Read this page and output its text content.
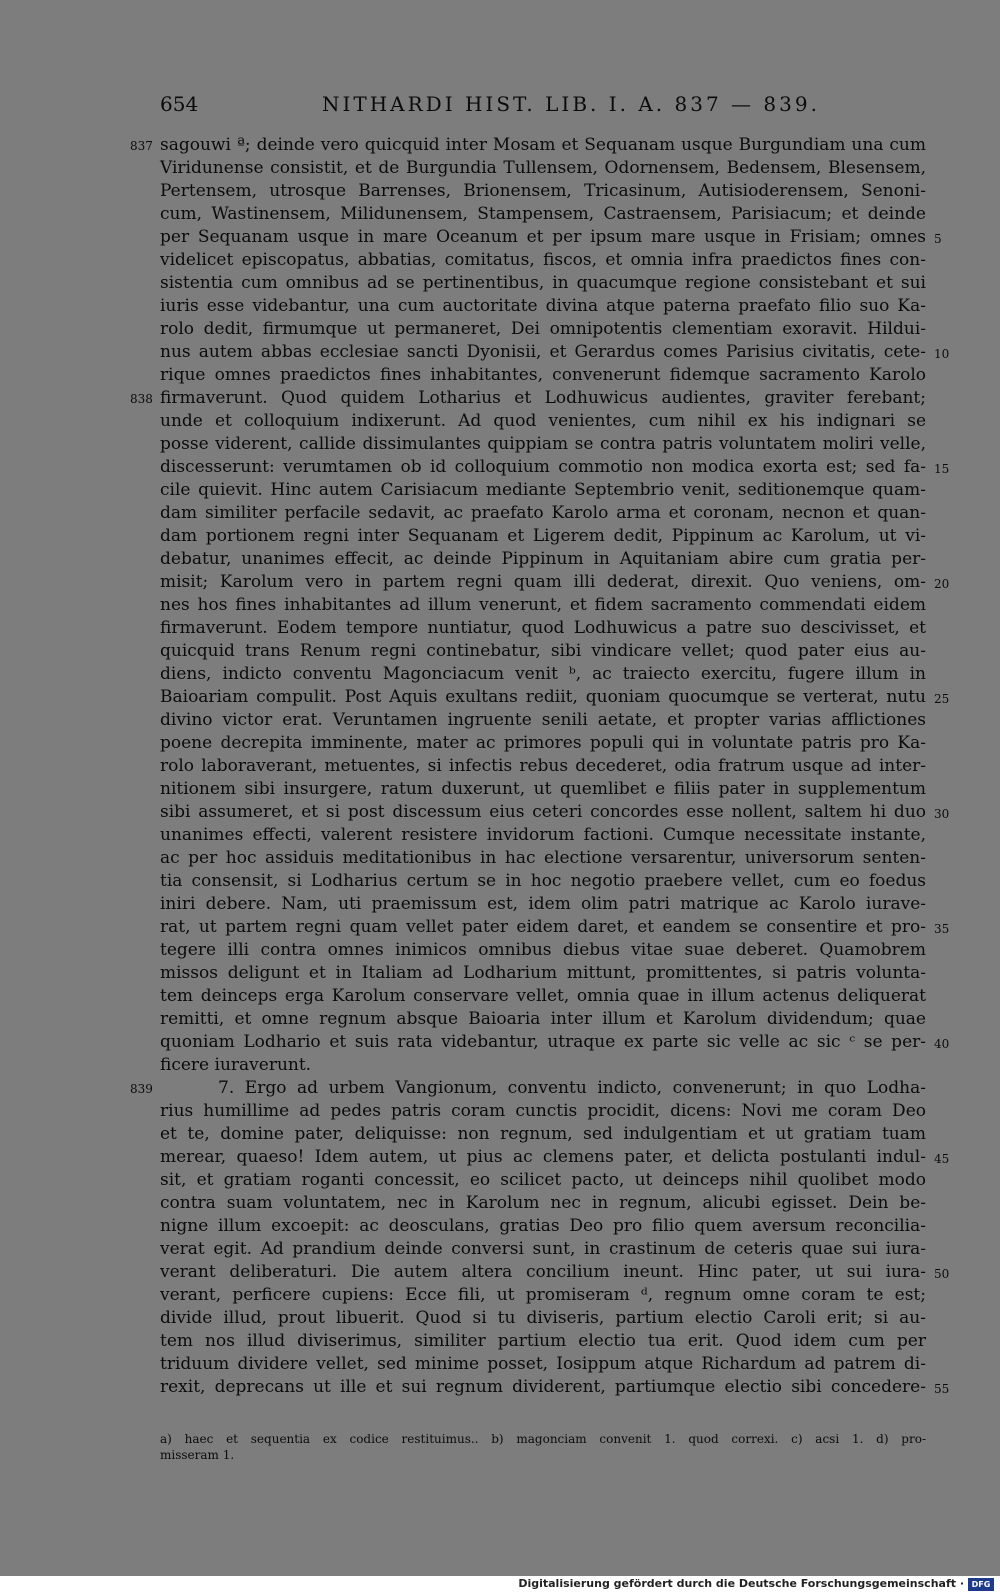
654	NITHARDI HIST. LIB. I. A. 837 — 839.
837 sagouwi ª; deinde vero quicquid inter Mosam et Sequanam usque Burgundiam una cum
Viridunense consistit, et de Burgundia Tullensem, Odornensem, Bedensem, Blesensem,
Pertensem, utrosque Barrenses, Brionensem, Tricasinum, Autisioderensem, Senoni-
cum, Wastinensem, Milidunensem, Stampensem, Castraensem, Parisiacum; et deinde
per Sequanam usque in mare Oceanum et per ipsum mare usque in Frisiam; omnes 5
videlicet episcopatus, abbatias, comitatus, fiscos, et omnia infra praedictos fines con-
sistentia cum omnibus ad se pertinentibus, in quacumque regione consistebant et sui
iuris esse videbantur, una cum auctoritate divina atque paterna praefato filio suo Ka-
rolo dedit, firmumque ut permaneret, Dei omnipotentis clementiam exoravit. Hildui-
nus autem abbas ecclesiae sancti Dyonisii, et Gerardus comes Parisius civitatis, cete- 10
rique omnes praedictos fines inhabitantes, convenerunt fidemque sacramento Karolo
838 firmaverunt. Quod quidem Lotharius et Lodhuwicus audientes, graviter ferebant;
unde et colloquium indixerunt. Ad quod venientes, cum nihil ex his indignari se
posse viderent, callide dissimulantes quippiam se contra patris voluntatem moliri velle,
discesserunt: verumtamen ob id colloquium commotio non modica exorta est; sed fa- 15
cile quievit. Hinc autem Carisiacum mediante Septembrio venit, seditionemque quam-
dam similiter perfacile sedavit, ac praefato Karolo arma et coronam, necnon et quan-
dam portionem regni inter Sequanam et Ligerem dedit, Pippinum ac Karolum, ut vi-
debatur, unanimes effecit, ac deinde Pippinum in Aquitaniam abire cum gratia per-
misit; Karolum vero in partem regni quam illi dederat, direxit. Quo veniens, om- 20
nes hos fines inhabitantes ad illum venerunt, et fidem sacramento commendati eidem
firmaverunt. Eodem tempore nuntiatur, quod Lodhuwicus a patre suo descivisset, et
quicquid trans Renum regni continebatur, sibi vindicare vellet; quod pater eius au-
diens, indicto conventu Magonciacum venit ᵇ, ac traiecto exercitu, fugere illum in
Baioariam compulit. Post Aquis exultans rediit, quoniam quocumque se verterat, nutu 25
divino victor erat. Veruntamen ingruente senili aetate, et propter varias afflictiones
poene decrepita imminente, mater ac primores populi qui in voluntate patris pro Ka-
rolo laboraverant, metuentes, si infectis rebus decederet, odia fratrum usque ad inter-
nitionem sibi insurgere, ratum duxerunt, ut quemlibet e filiis pater in supplementum
sibi assumeret, et si post discessum eius ceteri concordes esse nollent, saltem hi duo 30
unanimes effecti, valerent resistere invidorum factioni. Cumque necessitate instante,
ac per hoc assiduis meditationibus in hac electione versarentur, universorum senten-
tia consensit, si Lodharius certum se in hoc negotio praebere vellet, cum eo foedus
iniri debere. Nam, uti praemissum est, idem olim patri matrique ac Karolo iurave-
rat, ut partem regni quam vellet pater eidem daret, et eandem se consentire et pro- 35
tegere illi contra omnes inimicos omnibus diebus vitae suae deberet. Quamobrem
missos deligunt et in Italiam ad Lodharium mittunt, promittentes, si patris volunta-
tem deinceps erga Karolum conservare vellet, omnia quae in illum actenus deliquerat
remitti, et omne regnum absque Baioaria inter illum et Karolum dividendum; quae
quoniam Lodhario et suis rata videbantur, utraque ex parte sic velle ac sic ᶜ se per- 40
ficere iuraverunt.
839	7. Ergo ad urbem Vangionum, conventu indicto, convenerunt; in quo Lodha-
rius humillime ad pedes patris coram cunctis procidit, dicens: Novi me coram Deo
et te, domine pater, deliquisse: non regnum, sed indulgentiam et ut gratiam tuam
merear, quaeso! Idem autem, ut pius ac clemens pater, et delicta postulanti indul- 45
sit, et gratiam roganti concessit, eo scilicet pacto, ut deinceps nihil quolibet modo
contra suam voluntatem, nec in Karolum nec in regnum, alicubi egisset. Dein be-
nigne illum excoepit: ac deosculans, gratias Deo pro filio quem aversum reconcilia-
verat egit. Ad prandium deinde conversi sunt, in crastinum de ceteris quae sui iura-
verant deliberaturi. Die autem altera concilium ineunt. Hinc pater, ut sui iura- 50
verant, perficere cupiens: Ecce fili, ut promiseram ᵈ, regnum omne coram te est;
divide illud, prout libuerit. Quod si tu diviseris, partium electio Caroli erit; si au-
tem nos illud diviserimus, similiter partium electio tua erit. Quod idem cum per
triduum dividere vellet, sed minime posset, Iosippum atque Richardum ad patrem di-
rexit, deprecans ut ille et sui regnum dividerent, partiumque electio sibi concedere- 55
a) haec et sequentia ex codice restituimus.. b) magonciam convenit 1. quod correxi. c) acsi 1. d) pro-
misseram 1.
Digitalisierung gefördert durch die Deutsche Forschungsgemeinschaft · DFG
